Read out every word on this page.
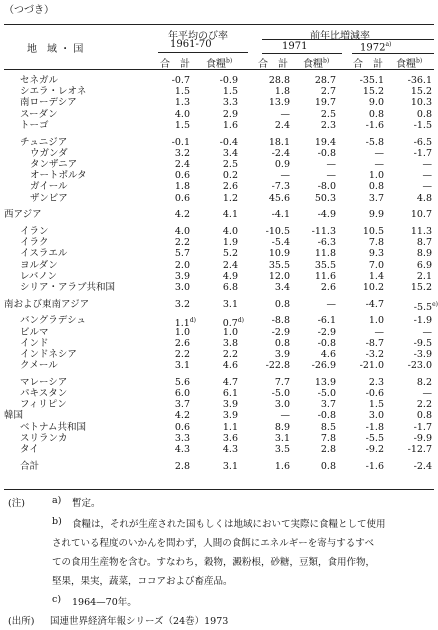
（つづき）
地　域 ・ 国
年平均のび率
1961-70
前年比増減率
1971	1972$^{a)}$
合　計 食糧$^{b)}$	合　計 食糧$^{b)}$ 合　計 食糧$^{b)}$
セネガル	-0.7	-0.9	28.8	28.7	-35.1	-36.1
シエラ・レオネ	1.5	1.5	1.8	2.7	15.2	15.2
南ローデシア	1.3	3.3	13.9	19.7	9.0	10.3
スーダン	4.0	2.9	—	2.5	0.8	0.8
トーゴ	1.5	1.6	2.4	2.3	-1.6	-1.5
チュニジア	-0.1	-0.4	18.1	19.4	-5.8	-6.5
ウガンダ	3.2	3.4	-2.4	-0.8	—	-1.7
タンザニア	2.4	2.5	0.9	—	—	—
オートボルタ	0.6	0.2	—	—	1.0	—
ガイール	1.8	2.6	-7.3	-8.0	0.8	—
ザンビア	0.6	1.2	45.6	50.3	3.7	4.8
西アジア	4.2	4.1	-4.1	-4.9	9.9	10.7
イラン	4.0	4.0	-10.5	-11.3	10.5	11.3
イラク	2.2	1.9	-5.4	-6.3	7.8	8.7
イスラエル	5.7	5.2	10.9	11.8	9.3	8.9
ヨルダン	2.0	2.4	35.5	35.5	7.0	6.9
レバノン	3.9	4.9	12.0	11.6	1.4	2.1
シリア・アラブ共和国	3.0	6.8	3.4	2.6	10.2	15.2
南および東南アジア	3.2	3.1	0.8	—	-4.7	-5.5$^{e)}$
バングラデシュ	1.1$^{d)}$	0.7$^{d)}$	-8.8	-6.1	1.0	-1.9
ビルマ	1.0	1.0	-2.9	-2.9	—	—
インド	2.6	3.8	0.8	-0.8	-8.7	-9.5
インドネシア	2.2	2.2	3.9	4.6	-3.2	-3.9
クメール	3.1	4.6	-22.8	-26.9	-21.0	-23.0
マレーシア	5.6	4.7	7.7	13.9	2.3	8.2
パキスタン	6.0	6.1	-5.0	-5.0	-0.6	—
フィリピン	3.7	3.9	3.0	3.7	1.5	2.2
韓国	4.2	3.9	—	-0.8	3.0	0.8
ベトナム共和国	0.6	1.1	8.9	8.5	-1.8	-1.7
スリランカ	3.3	3.6	3.1	7.8	-5.5	-9.9
タイ	4.3	4.3	3.5	2.8	-9.2	-12.7
合計	2.8	3.1	1.6	0.8	-1.6	-2.4
(注)	a) 暫定。
b) 食糧は，それが生産された国もしくは地域において実際に食糧として使用
されている程度のいかんを問わず，人間の食餌にエネルギーを寄与するすべ
ての食用生産物を含む。すなわち，穀物，澱粉根，砂糖，豆類，食用作物，
堅果，果実，蔬菜，ココアおよび畜産品。
c) 1964—70年。
(出所) 国連世界経済年報シリーズ（24巻）1973
